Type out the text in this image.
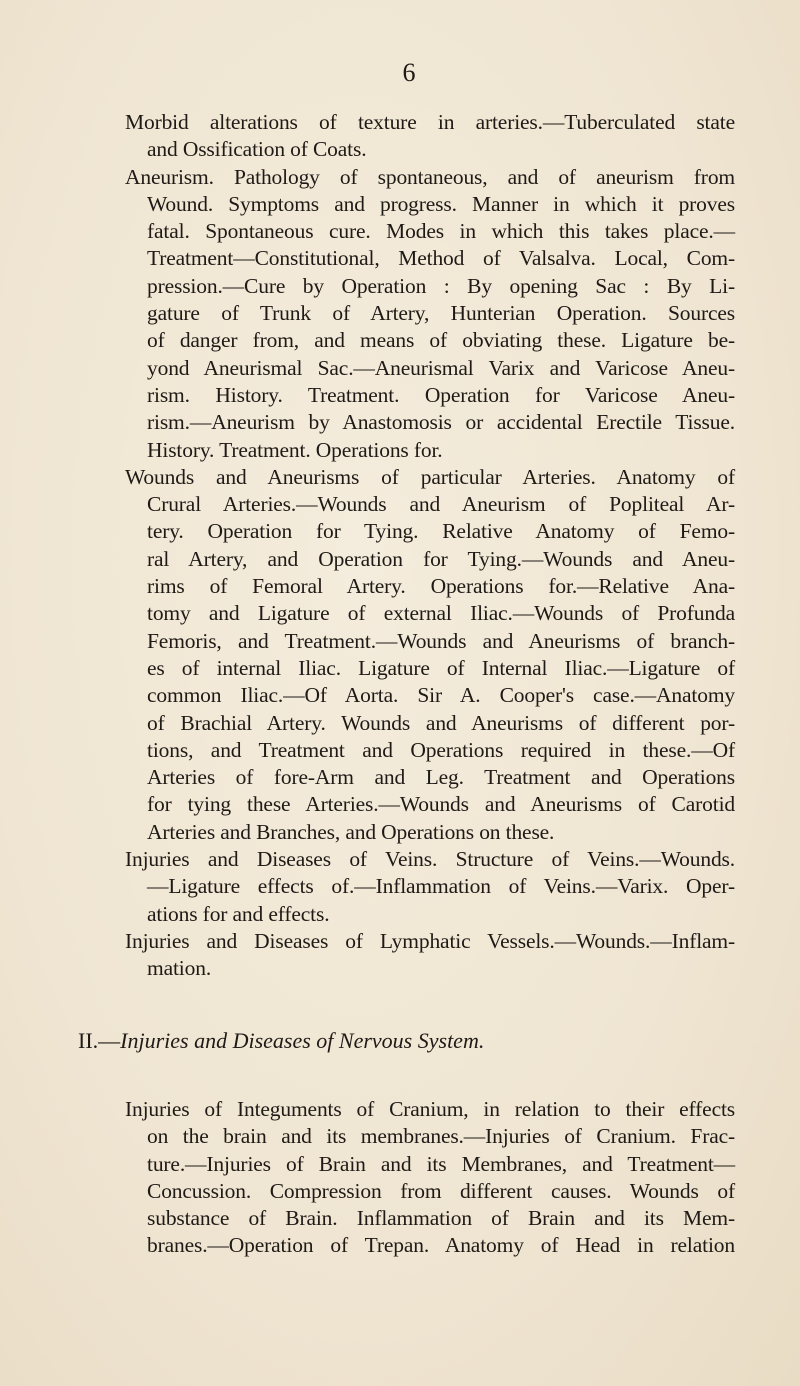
6
Morbid alterations of texture in arteries.—Tuberculated state
and Ossification of Coats.
Aneurism. Pathology of spontaneous, and of aneurism from
Wound. Symptoms and progress. Manner in which it proves
fatal. Spontaneous cure. Modes in which this takes place.—
Treatment—Constitutional, Method of Valsalva. Local, Com-
pression.—Cure by Operation : By opening Sac : By Li-
gature of Trunk of Artery, Hunterian Operation. Sources
of danger from, and means of obviating these. Ligature be-
yond Aneurismal Sac.—Aneurismal Varix and Varicose Aneu-
rism. History. Treatment. Operation for Varicose Aneu-
rism.—Aneurism by Anastomosis or accidental Erectile Tissue.
History. Treatment. Operations for.
Wounds and Aneurisms of particular Arteries. Anatomy of
Crural Arteries.—Wounds and Aneurism of Popliteal Ar-
tery. Operation for Tying. Relative Anatomy of Femo-
ral Artery, and Operation for Tying.—Wounds and Aneu-
rims of Femoral Artery. Operations for.—Relative Ana-
tomy and Ligature of external Iliac.—Wounds of Profunda
Femoris, and Treatment.—Wounds and Aneurisms of branch-
es of internal Iliac. Ligature of Internal Iliac.—Ligature of
common Iliac.—Of Aorta. Sir A. Cooper's case.—Anatomy
of Brachial Artery. Wounds and Aneurisms of different por-
tions, and Treatment and Operations required in these.—Of
Arteries of fore-Arm and Leg. Treatment and Operations
for tying these Arteries.—Wounds and Aneurisms of Carotid
Arteries and Branches, and Operations on these.
Injuries and Diseases of Veins. Structure of Veins.—Wounds.
—Ligature effects of.—Inflammation of Veins.—Varix. Oper-
ations for and effects.
Injuries and Diseases of Lymphatic Vessels.—Wounds.—Inflam-
mation.
II.—Injuries and Diseases of Nervous System.
Injuries of Integuments of Cranium, in relation to their effects
on the brain and its membranes.—Injuries of Cranium. Frac-
ture.—Injuries of Brain and its Membranes, and Treatment—
Concussion. Compression from different causes. Wounds of
substance of Brain. Inflammation of Brain and its Mem-
branes.—Operation of Trepan. Anatomy of Head in relation
